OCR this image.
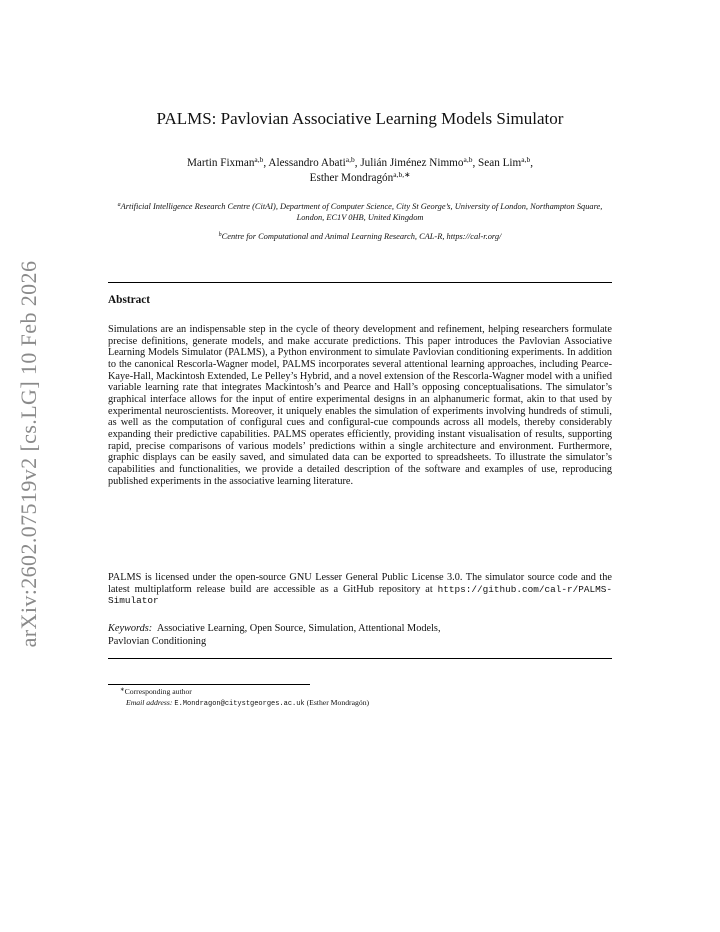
arXiv:2602.07519v2 [cs.LG] 10 Feb 2026
PALMS: Pavlovian Associative Learning Models Simulator
Martin Fixman$^{a,b}$, Alessandro Abati$^{a,b}$, Julián Jiménez Nimmo$^{a,b}$, Sean Lim$^{a,b}$,
Esther Mondragón$^{a,b,∗}$
$^a$Artificial Intelligence Research Centre (CitAI), Department of Computer Science, City St George’s, University of London, Northampton Square, London, EC1V 0HB, United Kingdom
$^b$Centre for Computational and Animal Learning Research, CAL-R, https://cal-r.org/
Abstract
Simulations are an indispensable step in the cycle of theory development and refinement, helping researchers formulate precise definitions, generate models, and make accurate predictions. This paper introduces the Pavlovian Associative Learning Models Simulator (PALMS), a Python environment to simulate Pavlovian conditioning experiments. In addition to the canonical Rescorla-Wagner model, PALMS incorporates several attentional learning approaches, including Pearce-Kaye-Hall, Mackintosh Extended, Le Pelley’s Hybrid, and a novel extension of the Rescorla-Wagner model with a unified variable learning rate that integrates Mackintosh’s and Pearce and Hall’s opposing conceptualisations. The simulator’s graphical interface allows for the input of entire experimental designs in an alphanumeric format, akin to that used by experimental neuroscientists. Moreover, it uniquely enables the simulation of experiments involving hundreds of stimuli, as well as the computation of configural cues and configural-cue compounds across all models, thereby considerably expanding their predictive capabilities. PALMS operates efficiently, providing instant visualisation of results, supporting rapid, precise comparisons of various models’ predictions within a single architecture and environment. Furthermore, graphic displays can be easily saved, and simulated data can be exported to spreadsheets. To illustrate the simulator’s capabilities and functionalities, we provide a detailed description of the software and examples of use, reproducing published experiments in the associative learning literature.
PALMS is licensed under the open-source GNU Lesser General Public License 3.0. The simulator source code and the latest multiplatform release build are accessible as a GitHub repository at https://github.com/cal-r/PALMS-Simulator
Keywords: Associative Learning, Open Source, Simulation, Attentional Models,
Pavlovian Conditioning
∗Corresponding author
Email address: E.Mondragon@citystgeorges.ac.uk (Esther Mondragón)
